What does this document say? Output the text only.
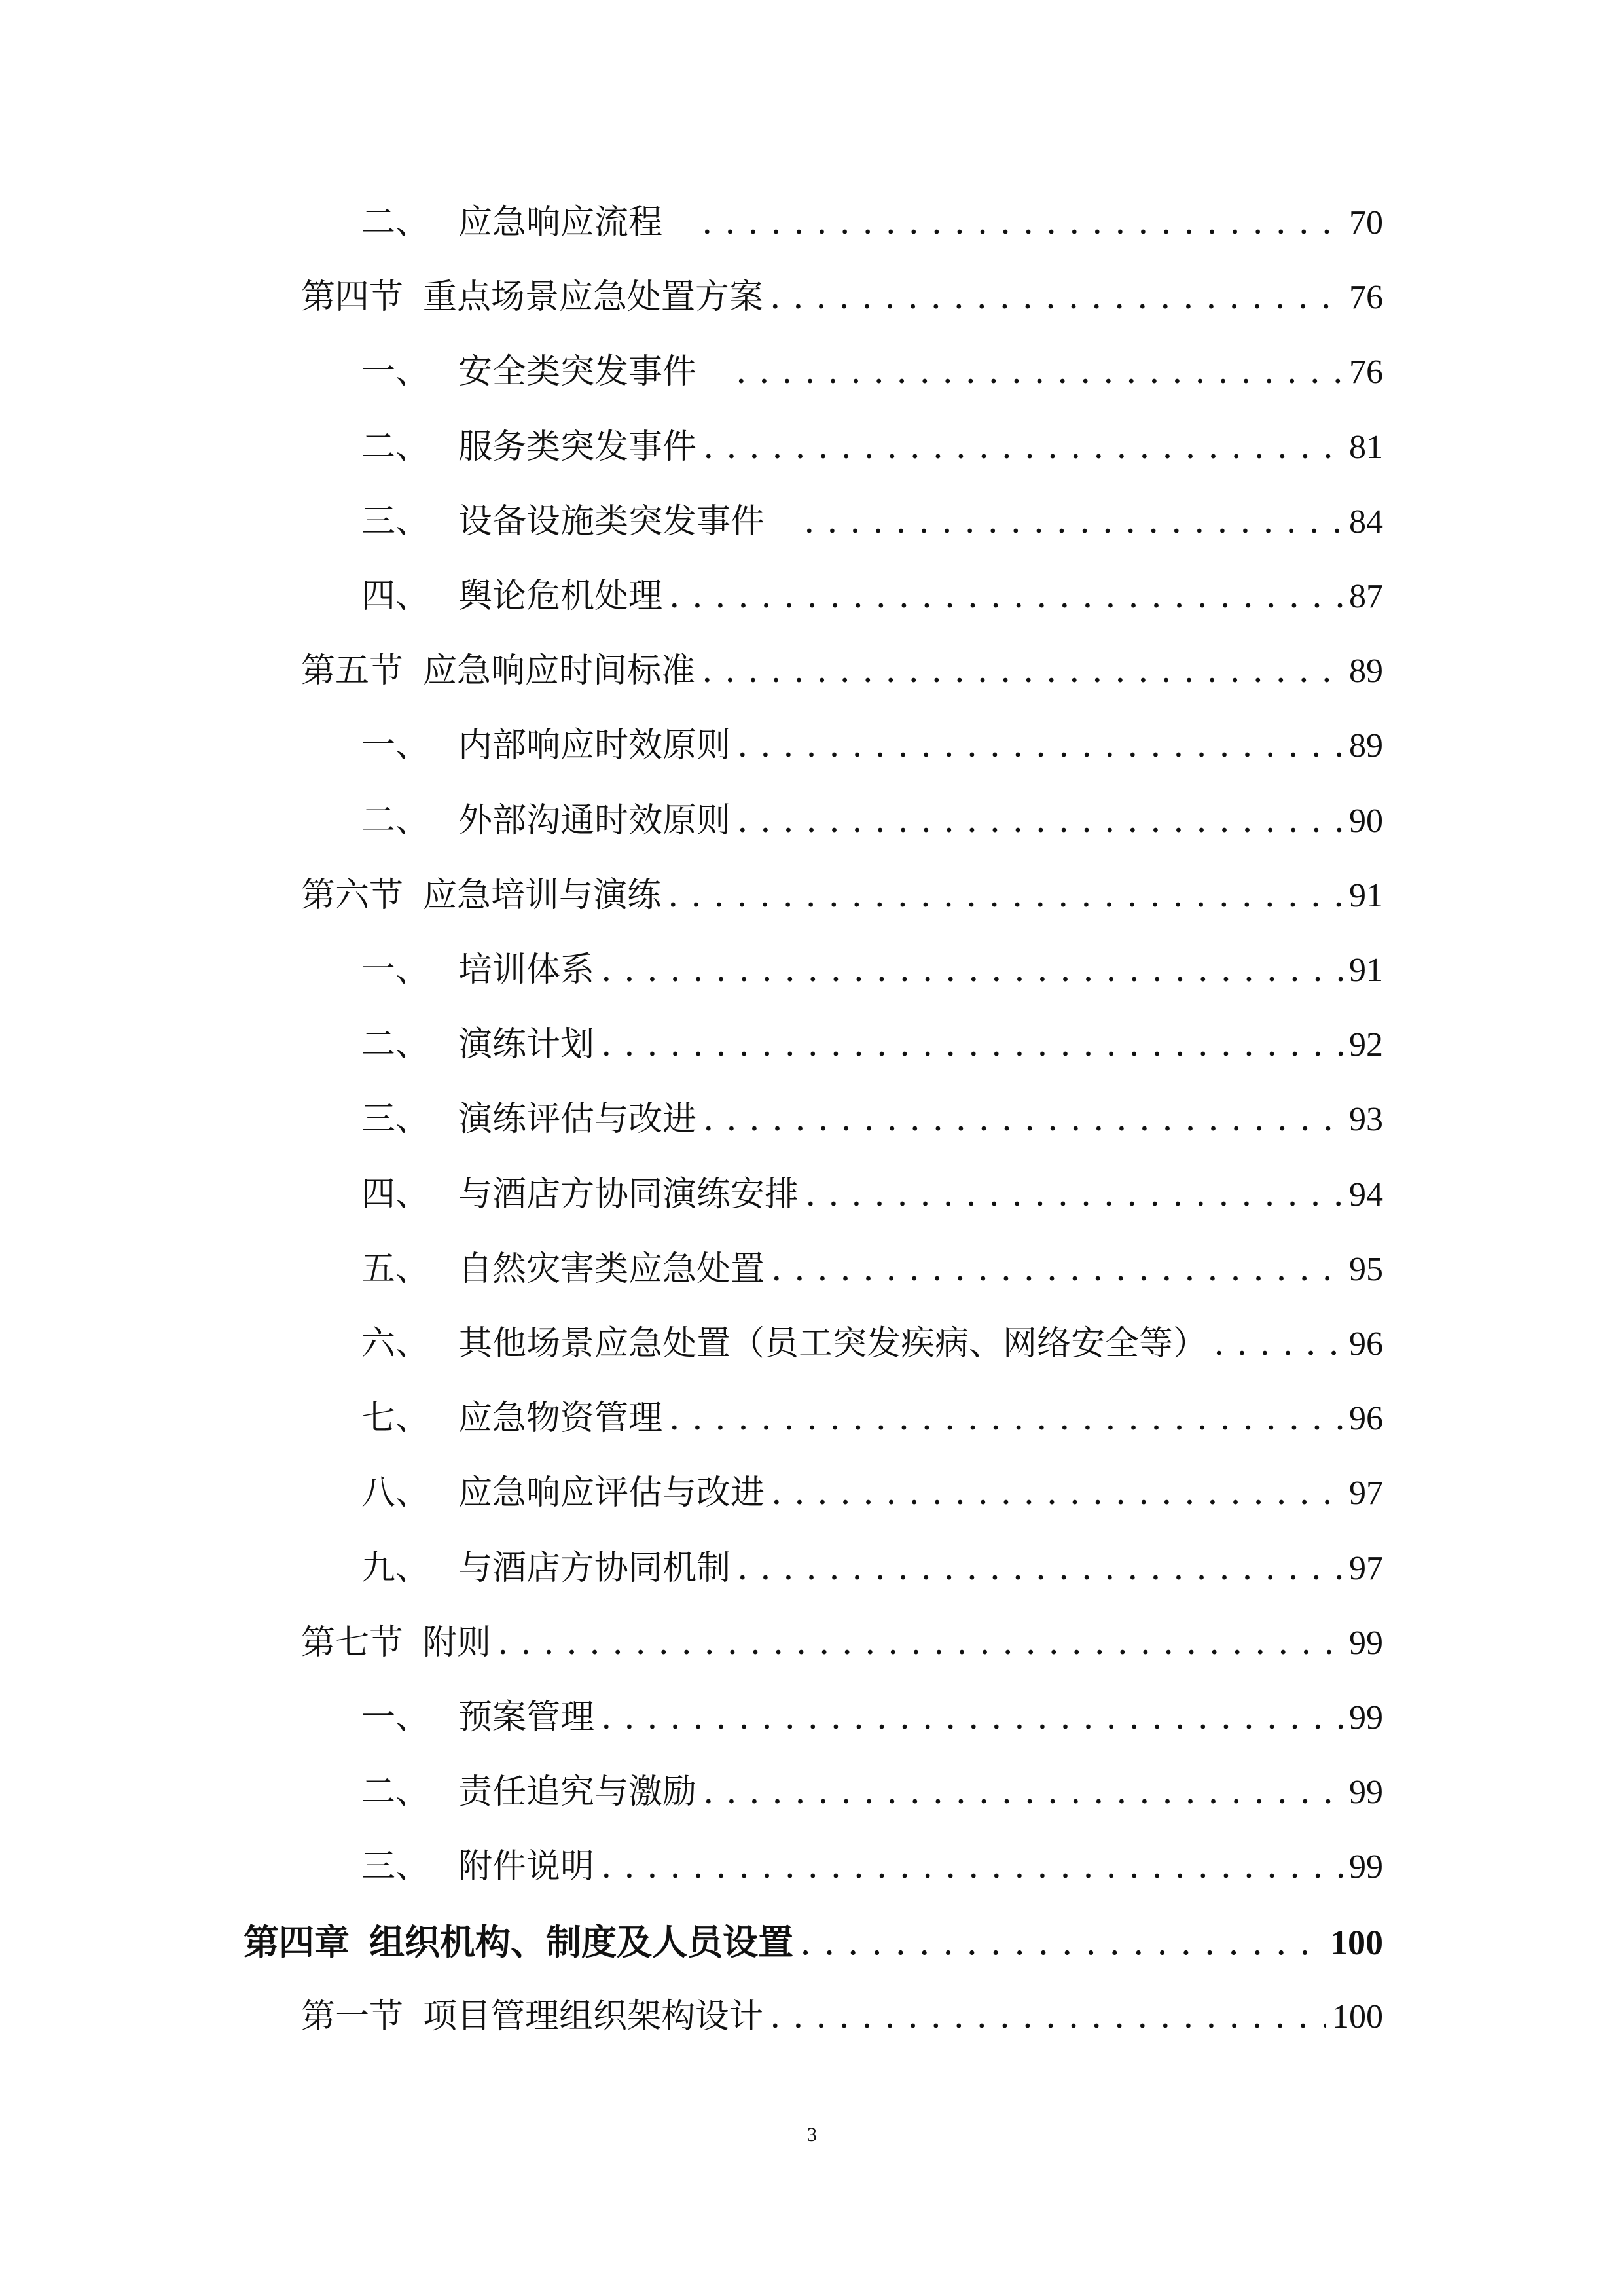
二、 应急响应流程 . . .	70
第四节 重点场景应急处置方案 . . .	76
一、 安全类突发事件 . . .	76
二、 服务类突发事件 . . .	81
三、 设备设施类突发事件 . . .	84
四、 舆论危机处理 . . .	87
第五节 应急响应时间标准 . . .	89
一、 内部响应时效原则 . . .	89
二、 外部沟通时效原则 . . .	90
第六节 应急培训与演练 . . .	91
一、 培训体系 . . .	91
二、 演练计划 . . .	92
三、 演练评估与改进 . . .	93
四、 与酒店方协同演练安排 . . .	94
五、 自然灾害类应急处置 . . .	95
六、 其他场景应急处置（员工突发疾病、网络安全等） . . .	96
七、 应急物资管理 . . .	96
八、 应急响应评估与改进 . . .	97
九、 与酒店方协同机制 . . .	97
第七节 附则 . . .	99
一、 预案管理 . . .	99
二、 责任追究与激励 . . .	99
三、 附件说明 . . .	99
第四章 组织机构、制度及人员设置 . . .	100
第一节 项目管理组织架构设计 . . .	100
3
